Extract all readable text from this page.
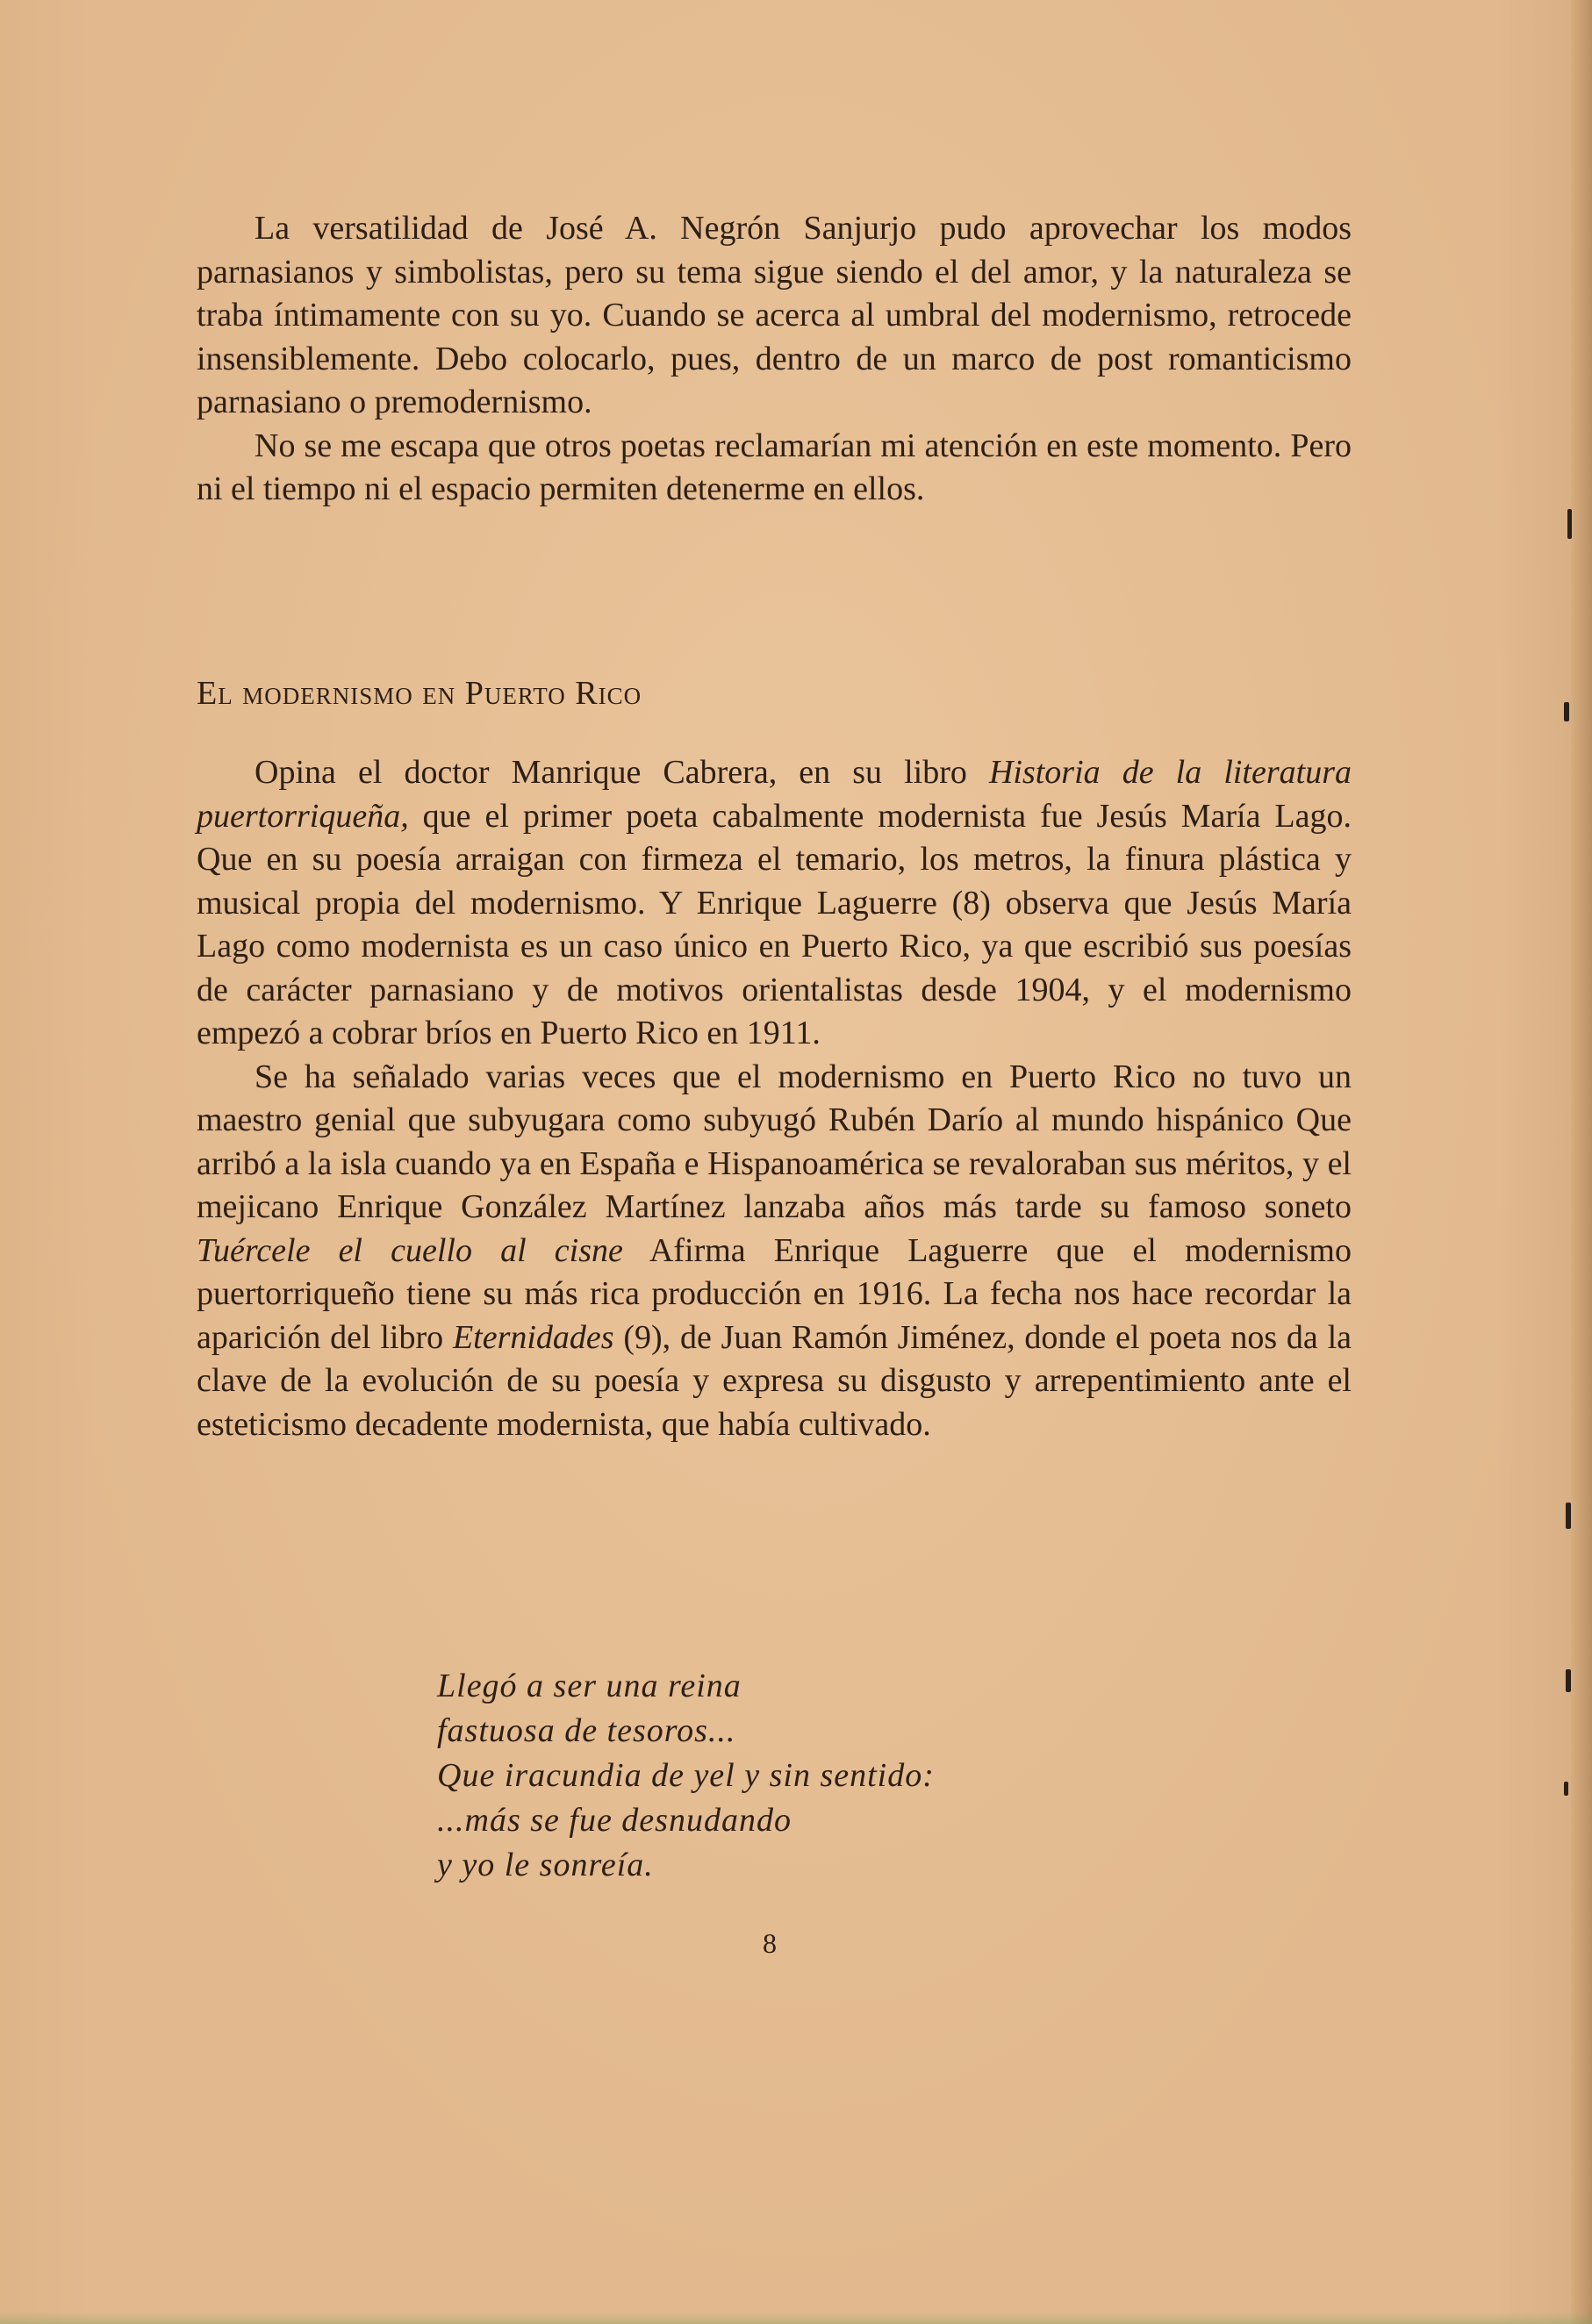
La versatilidad de José A. Negrón Sanjurjo pudo aprovechar los modos parnasianos y simbolistas, pero su tema sigue siendo el del amor, y la naturaleza se traba íntimamente con su yo. Cuando se acerca al umbral del modernismo, retrocede insensiblemente. Debo colocarlo, pues, dentro de un marco de post romanticismo parnasiano o premodernismo.

No se me escapa que otros poetas reclamarían mi atención en este momento. Pero ni el tiempo ni el espacio permiten detenerme en ellos.

El modernismo en Puerto Rico

Opina el doctor Manrique Cabrera, en su libro Historia de la literatura puertorriqueña, que el primer poeta cabalmente modernista fue Jesús María Lago. Que en su poesía arraigan con firmeza el temario, los metros, la finura plástica y musical propia del modernismo. Y Enrique Laguerre (8) observa que Jesús María Lago como modernista es un caso único en Puerto Rico, ya que escribió sus poesías de carácter parnasiano y de motivos orientalistas desde 1904, y el modernismo empezó a cobrar bríos en Puerto Rico en 1911.

Se ha señalado varias veces que el modernismo en Puerto Rico no tuvo un maestro genial que subyugara como subyugó Rubén Darío al mundo hispánico Que arribó a la isla cuando ya en España e Hispanoamérica se revaloraban sus méritos, y el mejicano Enrique González Martínez lanzaba años más tarde su famoso soneto Tuércele el cuello al cisne Afirma Enrique Laguerre que el modernismo puertorriqueño tiene su más rica producción en 1916. La fecha nos hace recordar la aparición del libro Eternidades (9), de Juan Ramón Jiménez, donde el poeta nos da la clave de la evolución de su poesía y expresa su disgusto y arrepentimiento ante el esteticismo decadente modernista, que había cultivado.

Llegó a ser una reina
fastuosa de tesoros...
Que iracundia de yel y sin sentido:
...más se fue desnudando
y yo le sonreía.
8
